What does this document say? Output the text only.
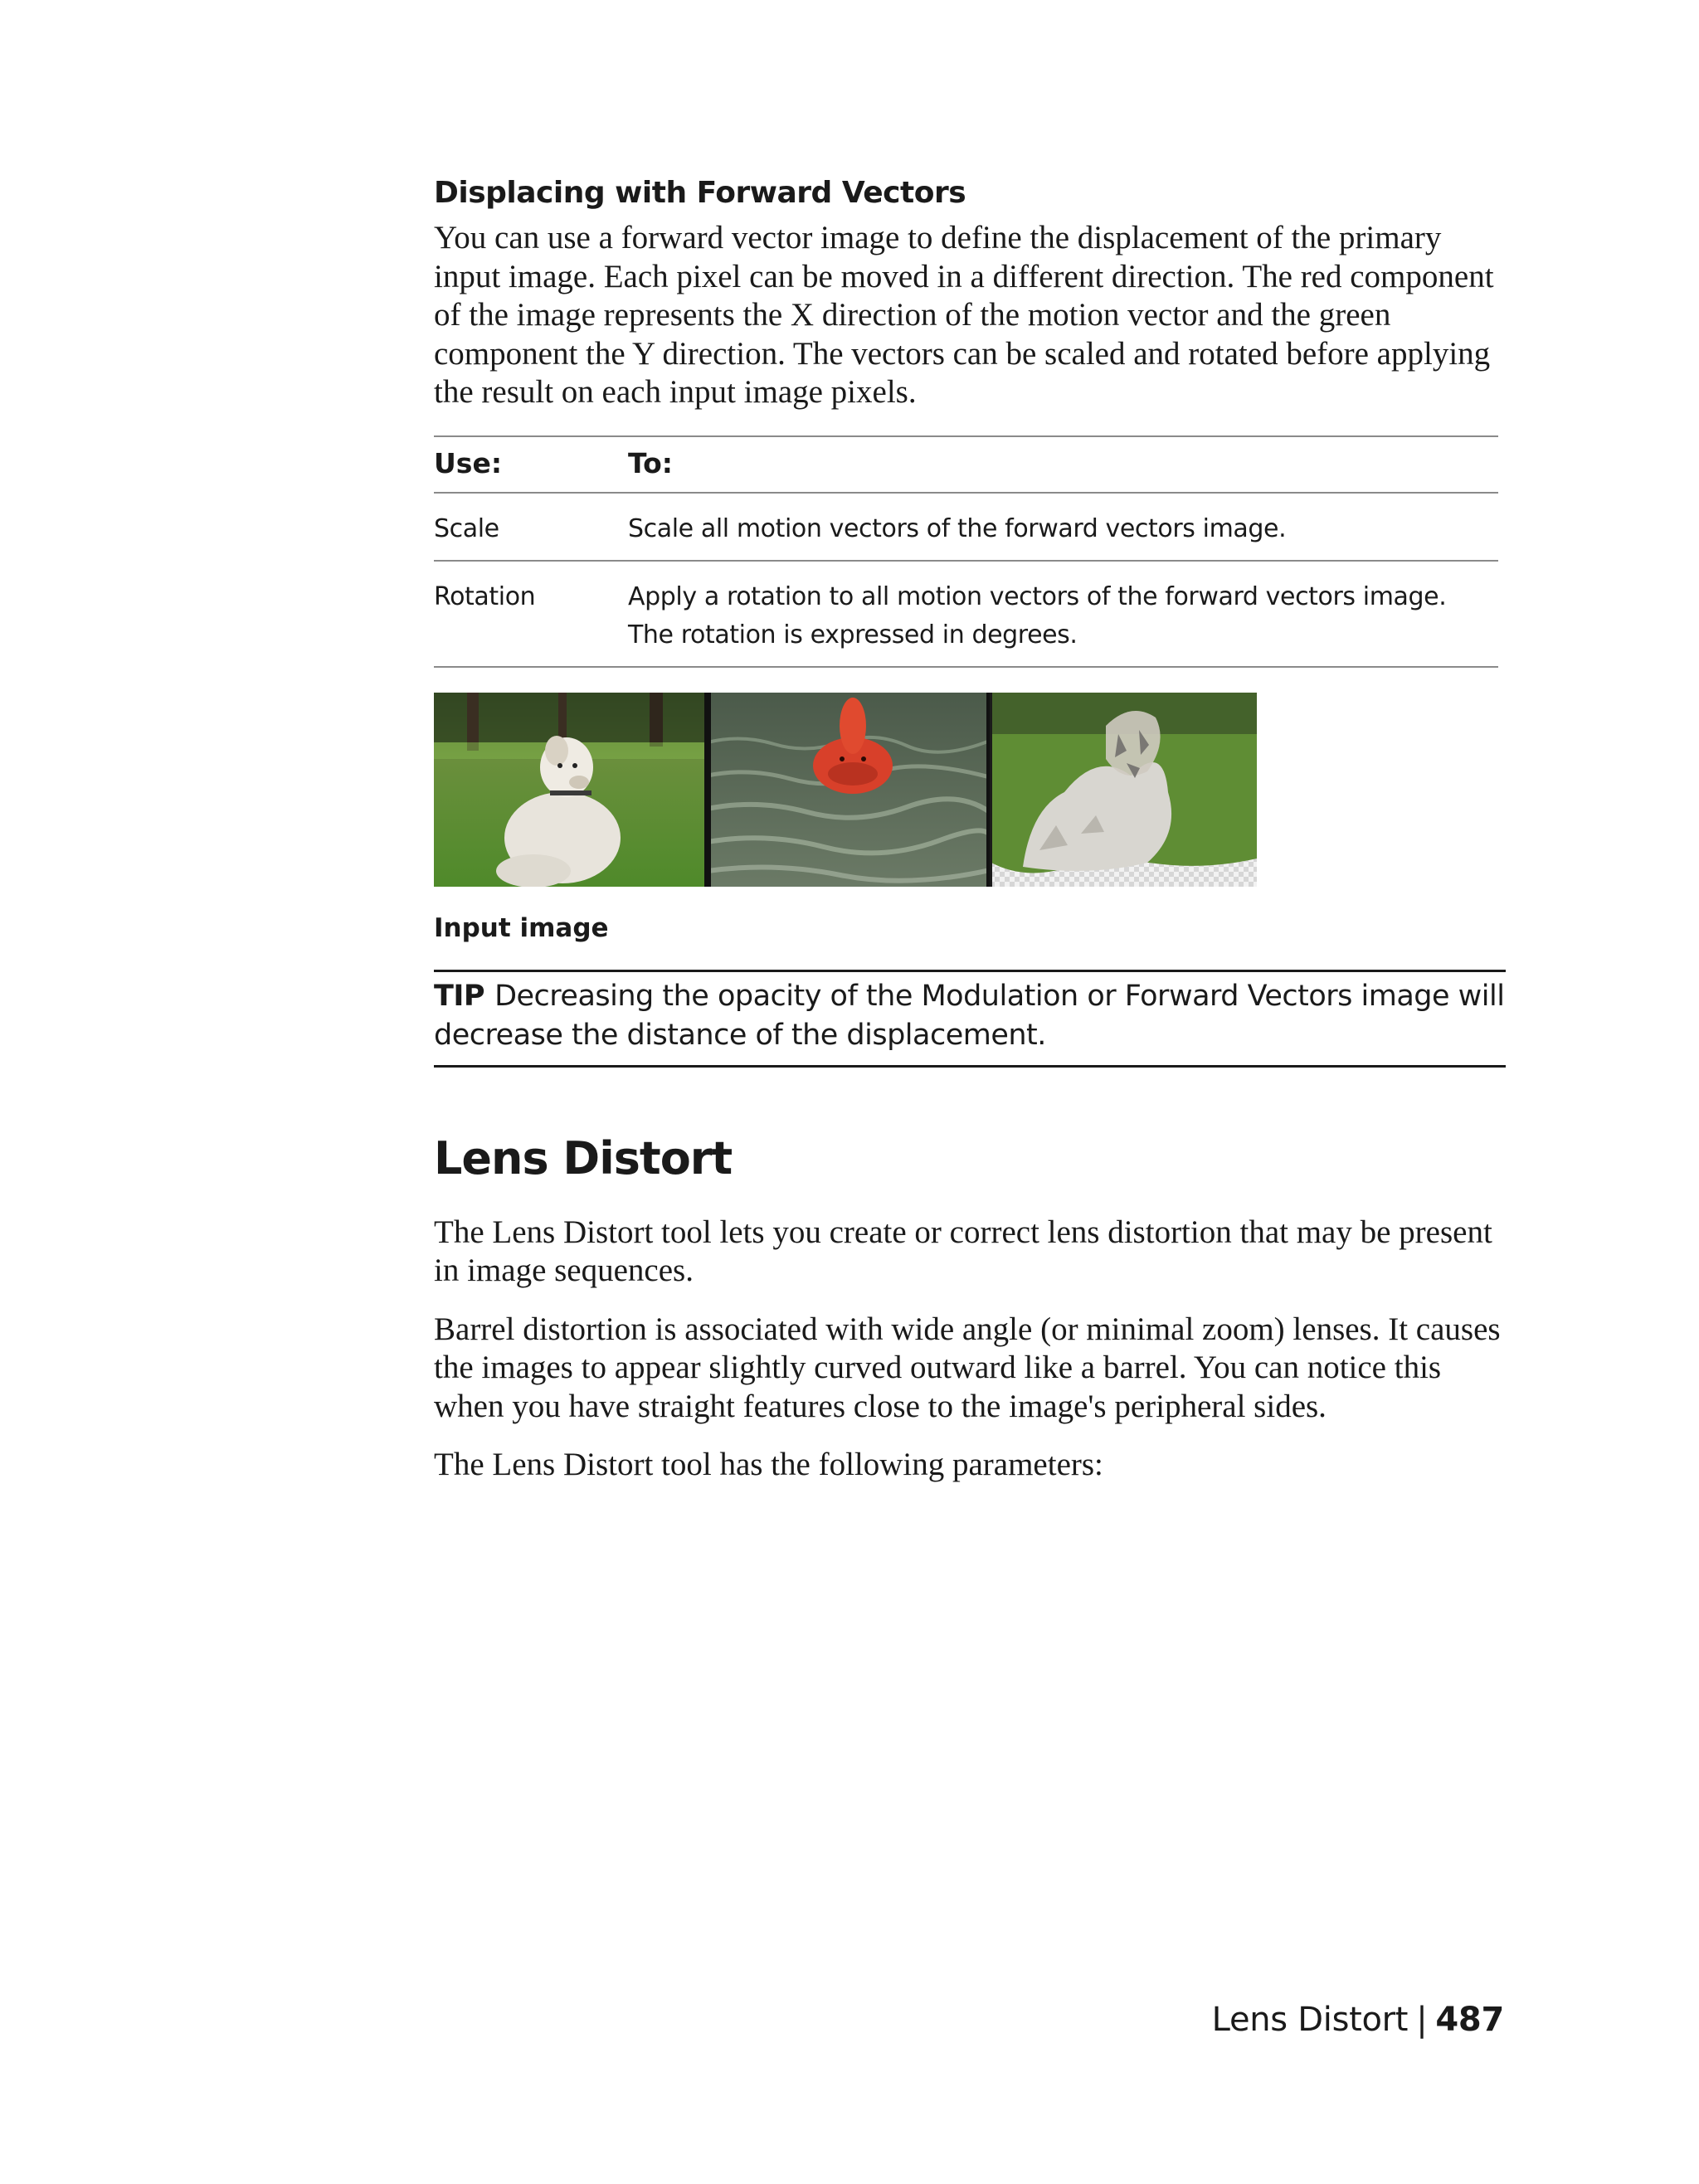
Displacing with Forward Vectors

You can use a forward vector image to define the displacement of the primary input image. Each pixel can be moved in a different direction. The red component of the image represents the X direction of the motion vector and the green component the Y direction. The vectors can be scaled and rotated before applying the result on each input image pixels.

Use:	To:
Scale	Scale all motion vectors of the forward vectors image.
Rotation	Apply a rotation to all motion vectors of the forward vectors image. The rotation is expressed in degrees.
Input image
TIP Decreasing the opacity of the Modulation or Forward Vectors image will decrease the distance of the displacement.
Lens Distort

The Lens Distort tool lets you create or correct lens distortion that may be present in image sequences.

Barrel distortion is associated with wide angle (or minimal zoom) lenses. It causes the images to appear slightly curved outward like a barrel. You can notice this when you have straight features close to the image's peripheral sides.

The Lens Distort tool has the following parameters:

Lens Distort | 487
